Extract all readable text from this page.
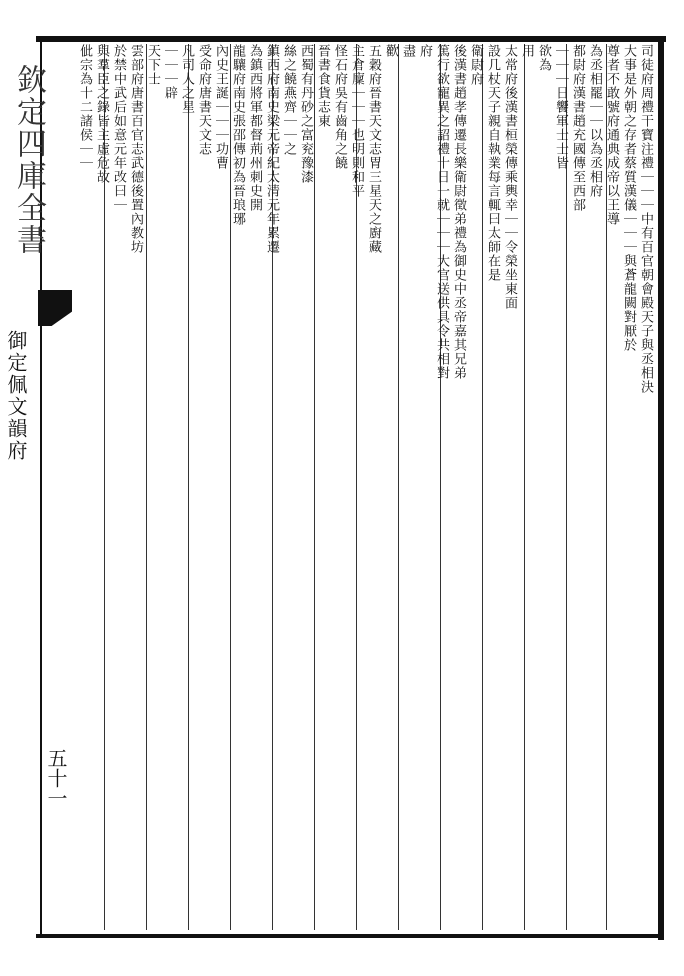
欽定四庫全書
御定佩文韻府
五十一
司徒府周禮干寶注禮｜｜｜中有百官朝會殿天子與丞相決
大事是外朝之存者蔡質漢儀｜｜｜與蒼龍闕對厭於
尊者不敢號府通典成帝以王導
為丞相罷｜｜以為丞相府
都尉府漢書趙充國傳至西部
｜｜｜日饗軍士士皆
欲為
用
太常府後漢書桓榮傳乘輿幸｜｜令榮坐東面
設几杖天子親自執業每言輒曰太師在是
衛尉府
後漢書趙孝傳遷長樂衛尉徵弟禮為御史中丞帝嘉其兄弟
篤行欲寵異之詔禮十日一就｜｜｜大官送供具令共相對
府
盡
歡
五穀府晉書天文志胃三星天之廚藏
主倉廩｜｜｜也明則和平
怪石府吳有齒角之饒
晉書食貨志東
西蜀有丹砂之富兖豫漆
絲之饒燕齊｜｜之
鎮西府南史梁元帝紀太清元年累遷
為鎮西將軍都督荊州刺史開
龍驤府南史張邵傳初為晉琅琊
內史王誕｜｜｜功曹
受命府唐書天文志
凡司人之星
｜｜｜辟
天下士
雲部府唐書百官志武德後置內教坊
於禁中武后如意元年改曰｜
與羣臣之錄皆主虛危故
佌宗為十二諸侯｜｜
